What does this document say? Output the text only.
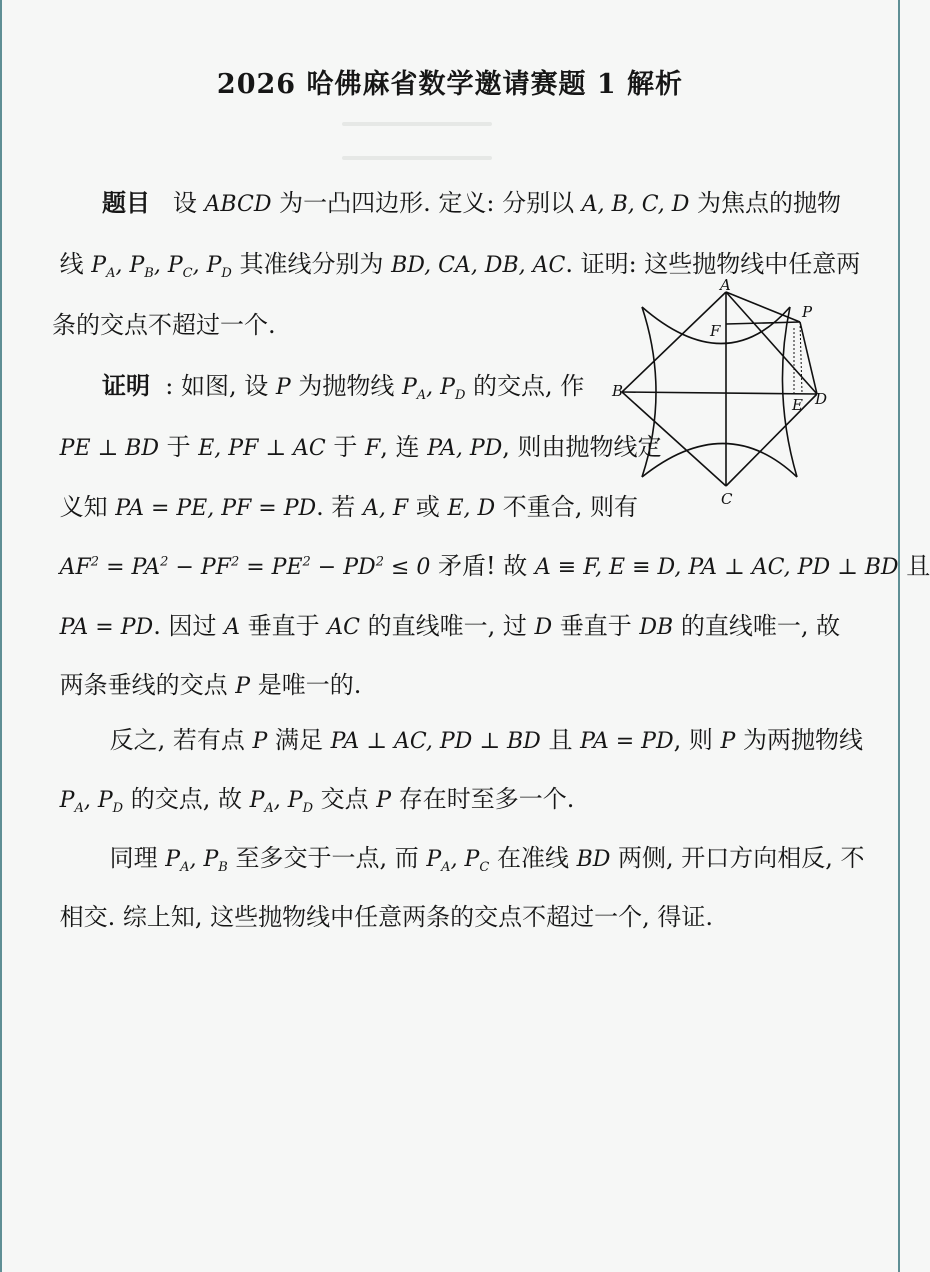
2026 哈佛麻省数学邀请赛题 1 解析
题目  设 ABCD 为一凸四边形. 定义: 分别以 A, B, C, D 为焦点的抛物
线 $P_A$, $P_B$, $P_C$, $P_D$ 其准线分别为 BD, CA, DB, AC. 证明: 这些抛物线中任意两
条的交点不超过一个.
证明 : 如图, 设 P 为抛物线 $P_A$, $P_D$ 的交点, 作
PE ⊥ BD 于 E, PF ⊥ AC 于 F, 连 PA, PD, 则由抛物线定
义知 PA = PE, PF = PD. 若 A, F 或 E, D 不重合, 则有
$AF^2 = PA^2 - PF^2 = PE^2 - PD^2 \le 0$ 矛盾! 故 A ≡ F, E ≡ D, PA ⊥ AC, PD ⊥ BD 且
PA = PD. 因过 A 垂直于 AC 的直线唯一, 过 D 垂直于 DB 的直线唯一, 故
两条垂线的交点 P 是唯一的.
反之, 若有点 P 满足 PA ⊥ AC, PD ⊥ BD 且 PA = PD, 则 P 为两抛物线
$P_A$, $P_D$ 的交点, 故 $P_A$, $P_D$ 交点 P 存在时至多一个.
同理 $P_A$, $P_B$ 至多交于一点, 而 $P_A$, $P_C$ 在准线 BD 两侧, 开口方向相反, 不
相交. 综上知, 这些抛物线中任意两条的交点不超过一个, 得证.
A
B
C
D
E
F
P
